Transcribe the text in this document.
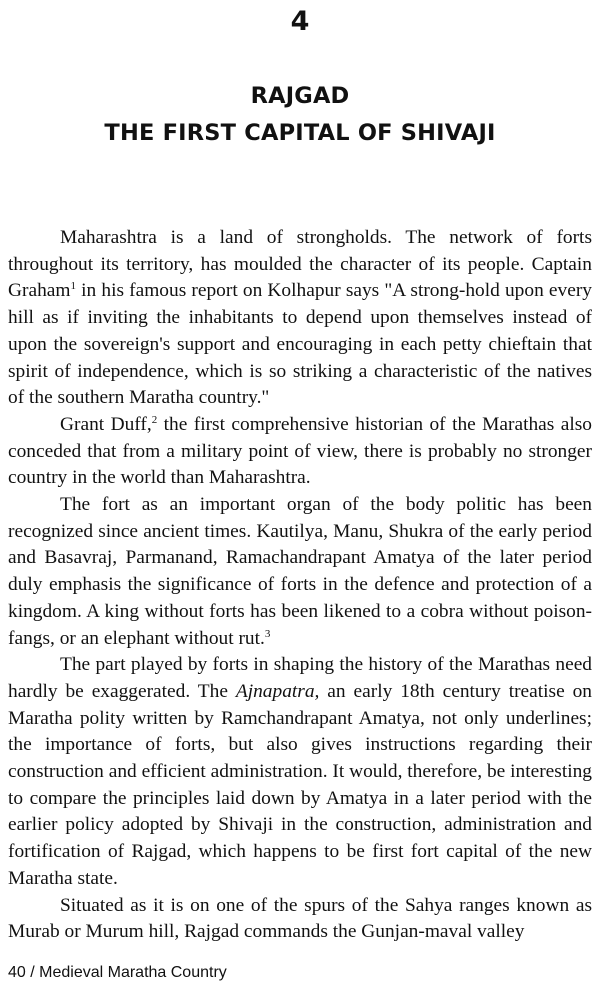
4
RAJGAD
THE FIRST CAPITAL OF SHIVAJI

Maharashtra is a land of strongholds. The network of forts throughout its territory, has moulded the character of its people. Captain Graham$^1$ in his famous report on Kolhapur says "A strong-hold upon every hill as if inviting the inhabitants to depend upon themselves instead of upon the sovereign's support and encouraging in each petty chieftain that spirit of independence, which is so striking a characteristic of the natives of the southern Maratha country."

Grant Duff,$^2$ the first comprehensive historian of the Marathas also conceded that from a military point of view, there is probably no stronger country in the world than Maharashtra.

The fort as an important organ of the body politic has been recognized since ancient times. Kautilya, Manu, Shukra of the early period and Basavraj, Parmanand, Ramachandrapant Amatya of the later period duly emphasis the significance of forts in the defence and protection of a kingdom. A king without forts has been likened to a cobra without poison-fangs, or an elephant without rut.$^3$

The part played by forts in shaping the history of the Marathas need hardly be exaggerated. The Ajnapatra, an early 18th century treatise on Maratha polity written by Ramchandrapant Amatya, not only underlines; the importance of forts, but also gives instructions regarding their construction and efficient administration. It would, therefore, be interesting to compare the principles laid down by Amatya in a later period with the earlier policy adopted by Shivaji in the construction, administration and fortification of Rajgad, which happens to be first fort capital of the new Maratha state.

Situated as it is on one of the spurs of the Sahya ranges known as Murab or Murum hill, Rajgad commands the Gunjan-maval valley

40 / Medieval Maratha Country
